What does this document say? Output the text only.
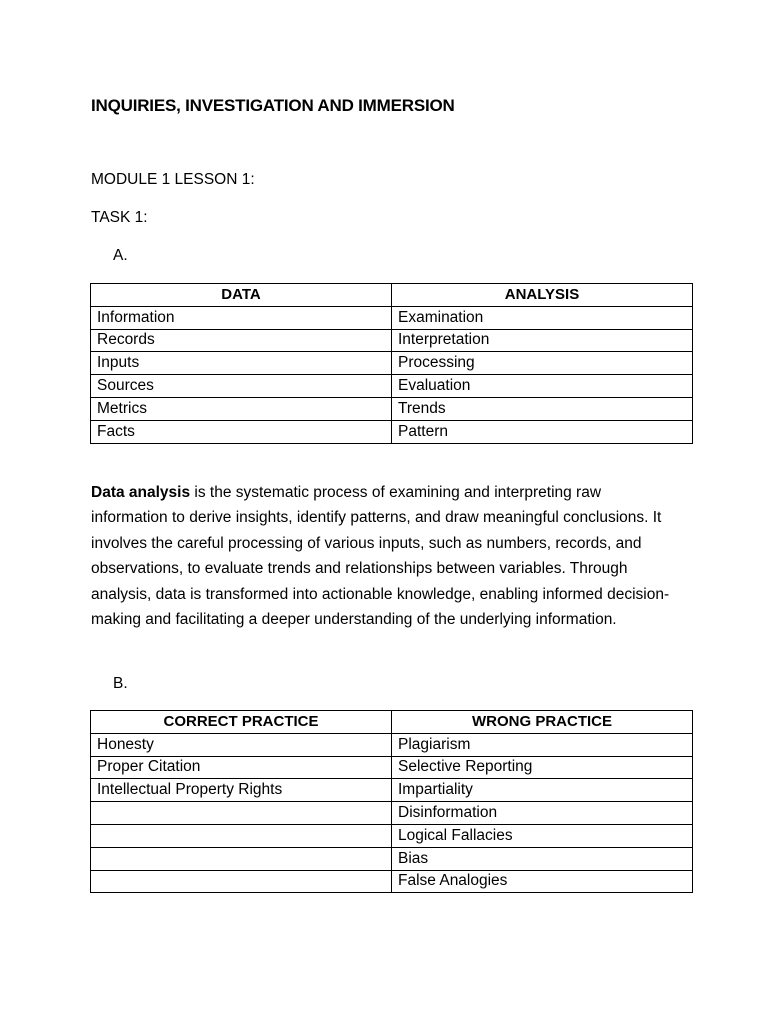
INQUIRIES, INVESTIGATION AND IMMERSION
MODULE 1 LESSON 1:
TASK 1:
A.
DATA	ANALYSIS
Information	Examination
Records	Interpretation
Inputs	Processing
Sources	Evaluation
Metrics	Trends
Facts	Pattern

Data analysis is the systematic process of examining and interpreting raw information to derive insights, identify patterns, and draw meaningful conclusions. It involves the careful processing of various inputs, such as numbers, records, and observations, to evaluate trends and relationships between variables. Through analysis, data is transformed into actionable knowledge, enabling informed decision-making and facilitating a deeper understanding of the underlying information.

B.
CORRECT PRACTICE	WRONG PRACTICE
Honesty	Plagiarism
Proper Citation	Selective Reporting
Intellectual Property Rights	Impartiality
	Disinformation
	Logical Fallacies
	Bias
	False Analogies
